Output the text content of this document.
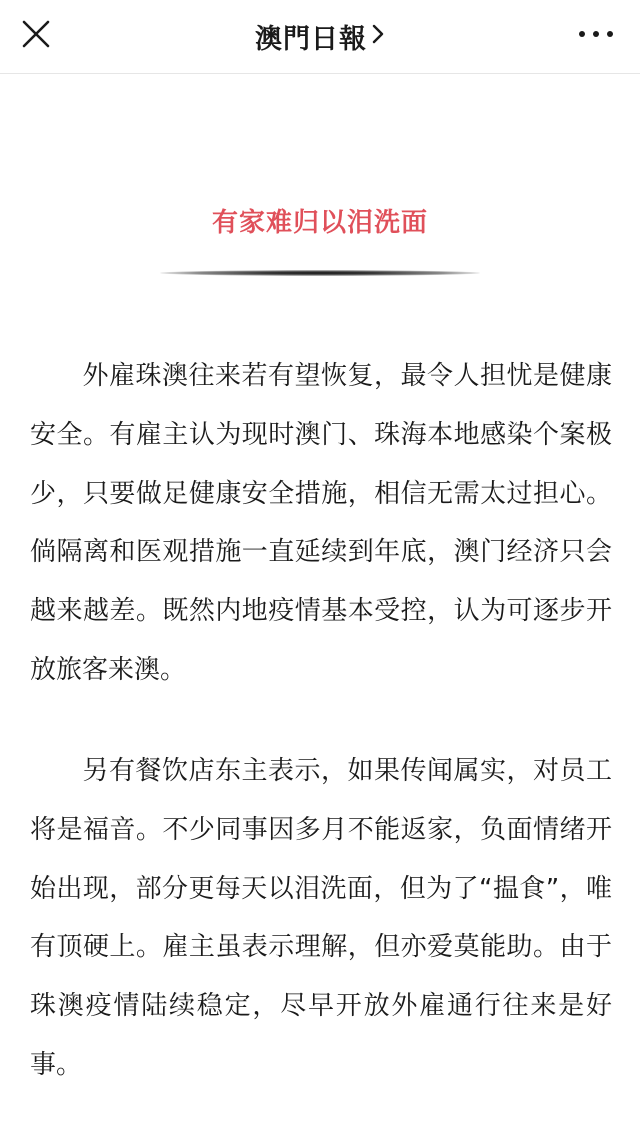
澳門日報
有家难归以泪洗面

外雇珠澳往来若有望恢复，最令人担忧是健康安全。有雇主认为现时澳门、珠海本地感染个案极少，只要做足健康安全措施，相信无需太过担心。倘隔离和医观措施一直延续到年底，澳门经济只会越来越差。既然内地疫情基本受控，认为可逐步开放旅客来澳。

另有餐饮店东主表示，如果传闻属实，对员工将是福音。不少同事因多月不能返家，负面情绪开始出现，部分更每天以泪洗面，但为了“揾食”，唯有顶硬上。雇主虽表示理解，但亦爱莫能助。由于珠澳疫情陆续稳定，尽早开放外雇通行往来是好事。
